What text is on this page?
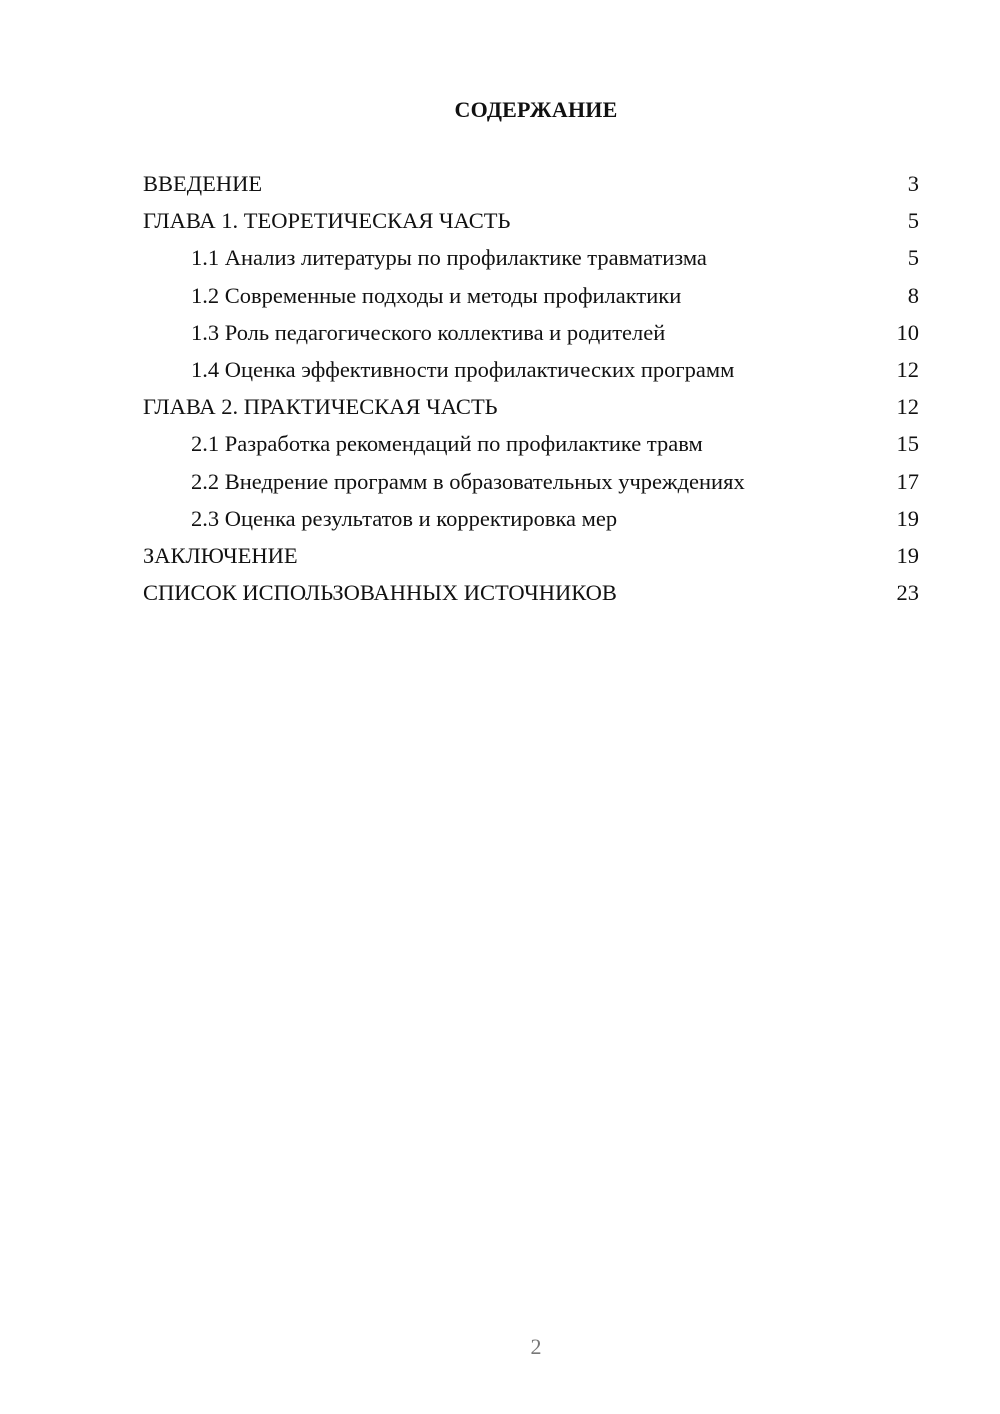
СОДЕРЖАНИЕ
ВВЕДЕНИЕ	3
ГЛАВА 1. ТЕОРЕТИЧЕСКАЯ ЧАСТЬ	5
1.1 Анализ литературы по профилактике травматизма	5
1.2 Современные подходы и методы профилактики	8
1.3 Роль педагогического коллектива и родителей	10
1.4 Оценка эффективности профилактических программ	12
ГЛАВА 2. ПРАКТИЧЕСКАЯ ЧАСТЬ	12
2.1 Разработка рекомендаций по профилактике травм	15
2.2 Внедрение программ в образовательных учреждениях	17
2.3 Оценка результатов и корректировка мер	19
ЗАКЛЮЧЕНИЕ	19
СПИСОК ИСПОЛЬЗОВАННЫХ ИСТОЧНИКОВ	23
2
